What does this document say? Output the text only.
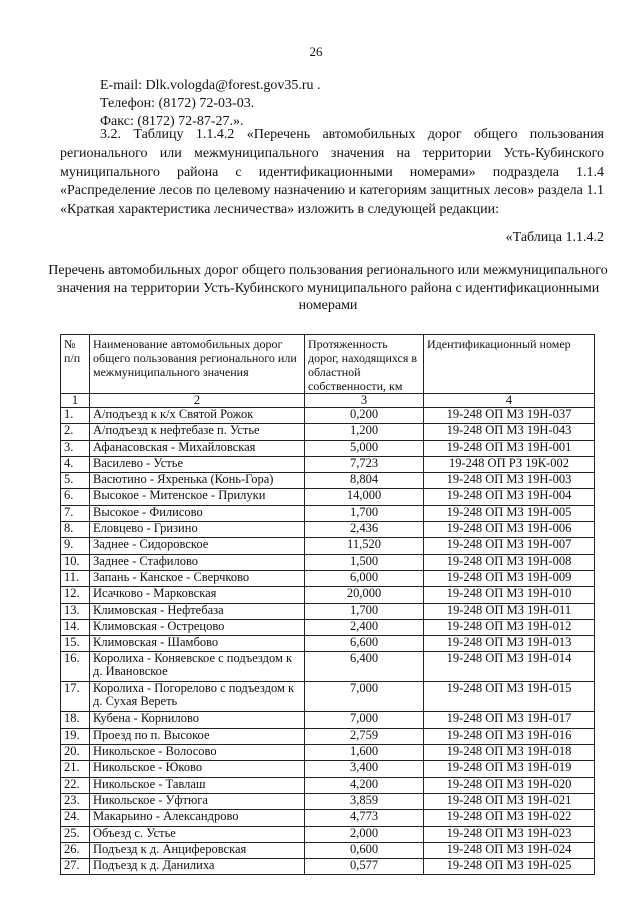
26
E-mail: Dlk.vologda@forest.gov35.ru .
Телефон: (8172) 72-03-03.
Факс: (8172) 72-87-27.».
3.2. Таблицу 1.1.4.2 «Перечень автомобильных дорог общего пользования регионального или межмуниципального значения на территории Усть-Кубинского муниципального района с идентификационными номерами» подраздела 1.1.4 «Распределение лесов по целевому назначению и категориям защитных лесов» раздела 1.1 «Краткая характеристика лесничества» изложить в следующей редакции:
«Таблица 1.1.4.2
Перечень автомобильных дорог общего пользования регионального или межмуниципального значения на территории Усть-Кубинского муниципального района с идентификационными номерами
№ п/п	Наименование автомобильных дорог общего пользования регионального или межмуниципального значения	Протяженность дорог, находящихся в областной собственности, км	Идентификационный номер
1	2	3	4
1.	А/подъезд к к/х Святой Рожок	0,200	19-248 ОП МЗ 19Н-037
2.	А/подъезд к нефтебазе п. Устье	1,200	19-248 ОП МЗ 19Н-043
3.	Афанасовская - Михайловская	5,000	19-248 ОП МЗ 19Н-001
4.	Василево - Устье	7,723	19-248 ОП РЗ 19К-002
5.	Васютино - Яхренька (Конь-Гора)	8,804	19-248 ОП МЗ 19Н-003
6.	Высокое - Митенское - Прилуки	14,000	19-248 ОП МЗ 19Н-004
7.	Высокое - Филисово	1,700	19-248 ОП МЗ 19Н-005
8.	Еловцево - Гризино	2,436	19-248 ОП МЗ 19Н-006
9.	Заднее - Сидоровское	11,520	19-248 ОП МЗ 19Н-007
10.	Заднее - Стафилово	1,500	19-248 ОП МЗ 19Н-008
11.	Запань - Канское - Сверчково	6,000	19-248 ОП МЗ 19Н-009
12.	Исачково - Марковская	20,000	19-248 ОП МЗ 19Н-010
13.	Климовская - Нефтебаза	1,700	19-248 ОП МЗ 19Н-011
14.	Климовская - Острецово	2,400	19-248 ОП МЗ 19Н-012
15.	Климовская - Шамбово	6,600	19-248 ОП МЗ 19Н-013
16.	Королиха - Коняевское с подъездом к д. Ивановское	6,400	19-248 ОП МЗ 19Н-014
17.	Королиха - Погорелово с подъездом к д. Сухая Вереть	7,000	19-248 ОП МЗ 19Н-015
18.	Кубена - Корнилово	7,000	19-248 ОП МЗ 19Н-017
19.	Проезд по п. Высокое	2,759	19-248 ОП МЗ 19Н-016
20.	Никольское - Волосово	1,600	19-248 ОП МЗ 19Н-018
21.	Никольское - Юково	3,400	19-248 ОП МЗ 19Н-019
22.	Никольское - Тавлаш	4,200	19-248 ОП МЗ 19Н-020
23.	Никольское - Уфтюга	3,859	19-248 ОП МЗ 19Н-021
24.	Макарьино - Александрово	4,773	19-248 ОП МЗ 19Н-022
25.	Объезд с. Устье	2,000	19-248 ОП МЗ 19Н-023
26.	Подъезд к д. Анциферовская	0,600	19-248 ОП МЗ 19Н-024
27.	Подъезд к д. Данилиха	0,577	19-248 ОП МЗ 19Н-025
